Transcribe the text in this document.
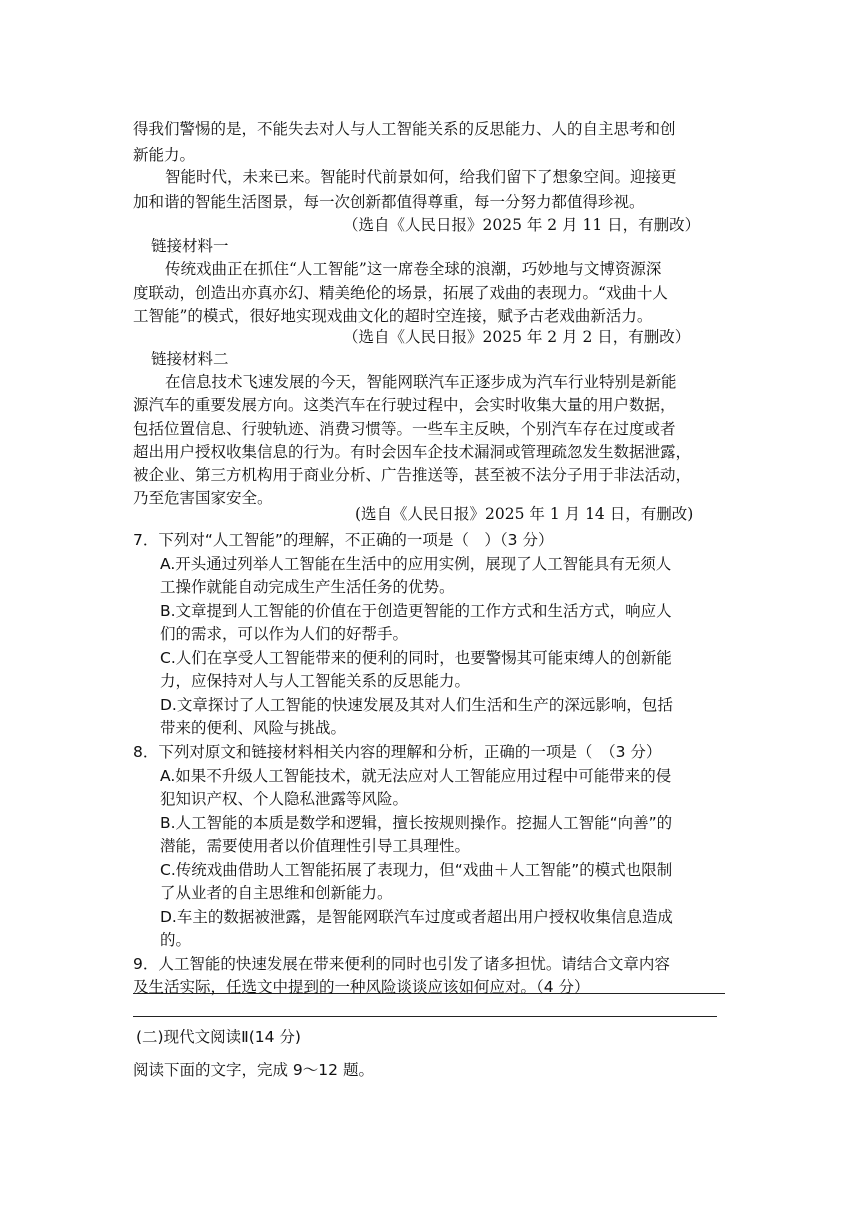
得我们警惕的是，不能失去对人与人工智能关系的反思能力、人的自主思考和创
新能力。
智能时代，未来已来。智能时代前景如何，给我们留下了想象空间。迎接更
加和谐的智能生活图景，每一次创新都值得尊重，每一分努力都值得珍视。
（选自《人民日报》2025 年 2 月 11 日，有删改）
链接材料一
传统戏曲正在抓住“人工智能”这一席卷全球的浪潮，巧妙地与文博资源深
度联动，创造出亦真亦幻、精美绝伦的场景，拓展了戏曲的表现力。“戏曲十人
工智能”的模式，很好地实现戏曲文化的超时空连接，赋予古老戏曲新活力。
（选自《人民日报》2025 年 2 月 2 日，有删改）
链接材料二
在信息技术飞速发展的今天，智能网联汽车正逐步成为汽车行业特别是新能
源汽车的重要发展方向。这类汽车在行驶过程中，会实时收集大量的用户数据，
包括位置信息、行驶轨迹、消费习惯等。一些车主反映，个别汽车存在过度或者
超出用户授权收集信息的行为。有时会因车企技术漏洞或管理疏忽发生数据泄露，
被企业、第三方机构用于商业分析、广告推送等，甚至被不法分子用于非法活动，
乃至危害国家安全。
(选自《人民日报》2025 年 1 月 14 日，有删改)
7．下列对“人工智能”的理解，不正确的一项是（　）（3 分）
A.开头通过列举人工智能在生活中的应用实例，展现了人工智能具有无须人
工操作就能自动完成生产生活任务的优势。
B.文章提到人工智能的价值在于创造更智能的工作方式和生活方式，响应人
们的需求，可以作为人们的好帮手。
C.人们在享受人工智能带来的便利的同时，也要警惕其可能束缚人的创新能
力，应保持对人与人工智能关系的反思能力。
D.文章探讨了人工智能的快速发展及其对人们生活和生产的深远影响，包括
带来的便利、风险与挑战。
8．下列对原文和链接材料相关内容的理解和分析，正确的一项是（　（3 分）
A.如果不升级人工智能技术，就无法应对人工智能应用过程中可能带来的侵
犯知识产权、个人隐私泄露等风险。
B.人工智能的本质是数学和逻辑，擅长按规则操作。挖掘人工智能“向善”的
潜能，需要使用者以价值理性引导工具理性。
C.传统戏曲借助人工智能拓展了表现力，但“戏曲＋人工智能”的模式也限制
了从业者的自主思维和创新能力。
D.车主的数据被泄露，是智能网联汽车过度或者超出用户授权收集信息造成
的。
9．人工智能的快速发展在带来便利的同时也引发了诸多担忧。请结合文章内容
及生活实际，任选文中提到的一种风险谈谈应该如何应对。（4 分）
(二)现代文阅读Ⅱ(14 分)
阅读下面的文字，完成 9～12 题。
